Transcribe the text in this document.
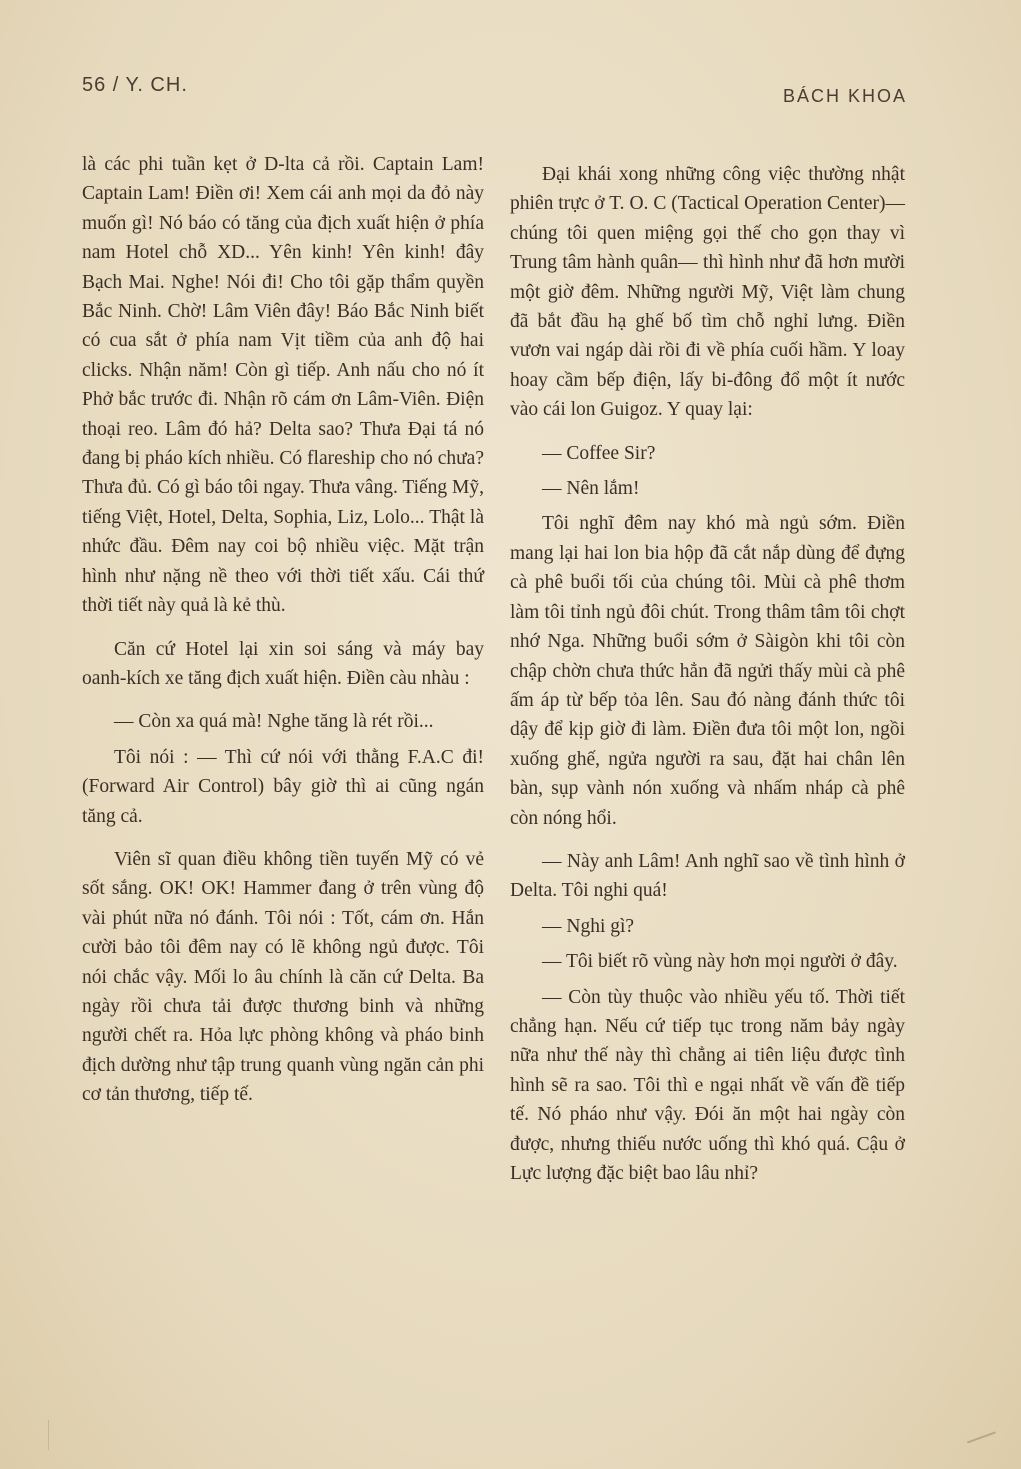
56 / Y. CH.	BÁCH KHOA

là các phi tuần kẹt ở D-lta cả rồi. Captain Lam! Captain Lam! Điền ơi! Xem cái anh mọi da đỏ này muốn gì! Nó báo có tăng của địch xuất hiện ở phía nam Hotel chỗ XD... Yên kinh! Yên kinh! đây Bạch Mai. Nghe! Nói đi! Cho tôi gặp thẩm quyền Bắc Ninh. Chờ! Lâm Viên đây! Báo Bắc Ninh biết có cua sắt ở phía nam Vịt tiềm của anh độ hai clicks. Nhận năm! Còn gì tiếp. Anh nấu cho nó ít Phở bắc trước đi. Nhận rõ cám ơn Lâm-Viên. Điện thoại reo. Lâm đó hả? Delta sao? Thưa Đại tá nó đang bị pháo kích nhiều. Có flareship cho nó chưa? Thưa đủ. Có gì báo tôi ngay. Thưa vâng. Tiếng Mỹ, tiếng Việt, Hotel, Delta, Sophia, Liz, Lolo... Thật là nhức đầu. Đêm nay coi bộ nhiều việc. Mặt trận hình như nặng nề theo với thời tiết xấu. Cái thứ thời tiết này quả là kẻ thù.

Căn cứ Hotel lại xin soi sáng và máy bay oanh-kích xe tăng địch xuất hiện. Điền càu nhàu :

— Còn xa quá mà! Nghe tăng là rét rồi...

Tôi nói : — Thì cứ nói với thằng F.A.C đi! (Forward Air Control) bây giờ thì ai cũng ngán tăng cả.

Viên sĩ quan điều không tiền tuyến Mỹ có vẻ sốt sắng. OK! OK! Hammer đang ở trên vùng độ vài phút nữa nó đánh. Tôi nói : Tốt, cám ơn. Hắn cười bảo tôi đêm nay có lẽ không ngủ được. Tôi nói chắc vậy. Mối lo âu chính là căn cứ Delta. Ba ngày rồi chưa tải được thương binh và những người chết ra. Hỏa lực phòng không và pháo binh địch dường như tập trung quanh vùng ngăn cản phi cơ tản thương, tiếp tế.

Đại khái xong những công việc thường nhật phiên trực ở T. O. C (Tactical Operation Center)— chúng tôi quen miệng gọi thế cho gọn thay vì Trung tâm hành quân— thì hình như đã hơn mười một giờ đêm. Những người Mỹ, Việt làm chung đã bắt đầu hạ ghế bố tìm chỗ nghỉ lưng. Điền vươn vai ngáp dài rồi đi về phía cuối hầm. Y loay hoay cầm bếp điện, lấy bi-đông đổ một ít nước vào cái lon Guigoz. Y quay lại:

— Coffee Sir?

— Nên lắm!

Tôi nghĩ đêm nay khó mà ngủ sớm. Điền mang lại hai lon bia hộp đã cắt nắp dùng để đựng cà phê buổi tối của chúng tôi. Mùi cà phê thơm làm tôi tỉnh ngủ đôi chút. Trong thâm tâm tôi chợt nhớ Nga. Những buổi sớm ở Sàigòn khi tôi còn chập chờn chưa thức hẳn đã ngửi thấy mùi cà phê ấm áp từ bếp tỏa lên. Sau đó nàng đánh thức tôi dậy để kịp giờ đi làm. Điền đưa tôi một lon, ngồi xuống ghế, ngửa người ra sau, đặt hai chân lên bàn, sụp vành nón xuống và nhấm nháp cà phê còn nóng hổi.

— Này anh Lâm! Anh nghĩ sao về tình hình ở Delta. Tôi nghi quá!

— Nghi gì?

— Tôi biết rõ vùng này hơn mọi người ở đây.

— Còn tùy thuộc vào nhiều yếu tố. Thời tiết chẳng hạn. Nếu cứ tiếp tục trong năm bảy ngày nữa như thế này thì chẳng ai tiên liệu được tình hình sẽ ra sao. Tôi thì e ngại nhất về vấn đề tiếp tế. Nó pháo như vậy. Đói ăn một hai ngày còn được, nhưng thiếu nước uống thì khó quá. Cậu ở Lực lượng đặc biệt bao lâu nhỉ?
